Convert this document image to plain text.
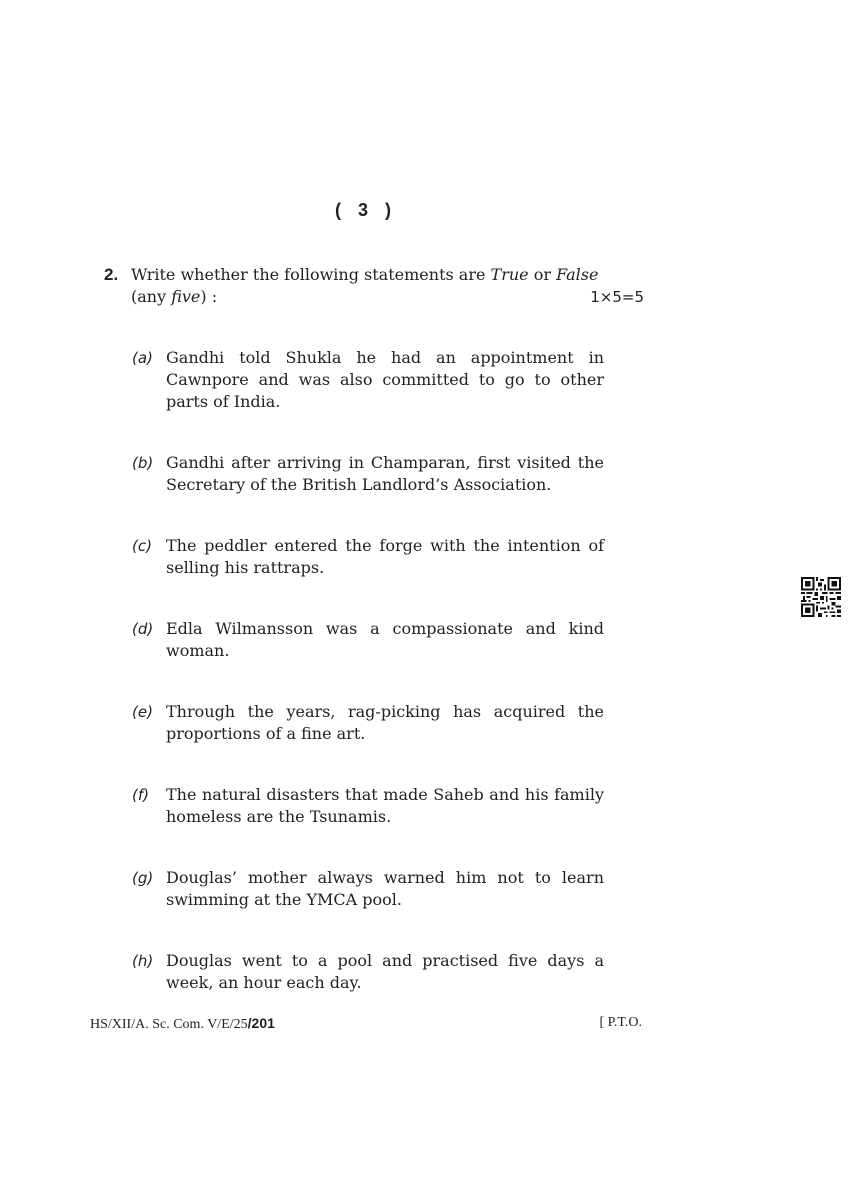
( 3 )
2. Write whether the following statements are True or False
(any five) :	1×5=5
(a) Gandhi told Shukla he had an appointment in Cawnpore and was also committed to go to other parts of India.
(b) Gandhi after arriving in Champaran, first visited the Secretary of the British Landlord’s Association.
(c) The peddler entered the forge with the intention of selling his rattraps.
(d) Edla Wilmansson was a compassionate and kind woman.
(e) Through the years, rag-picking has acquired the proportions of a fine art.
(f) The natural disasters that made Saheb and his family homeless are the Tsunamis.
(g) Douglas’ mother always warned him not to learn swimming at the YMCA pool.
(h) Douglas went to a pool and practised five days a week, an hour each day.
HS/XII/A. Sc. Com. V/E/25/201	[ P.T.O.
